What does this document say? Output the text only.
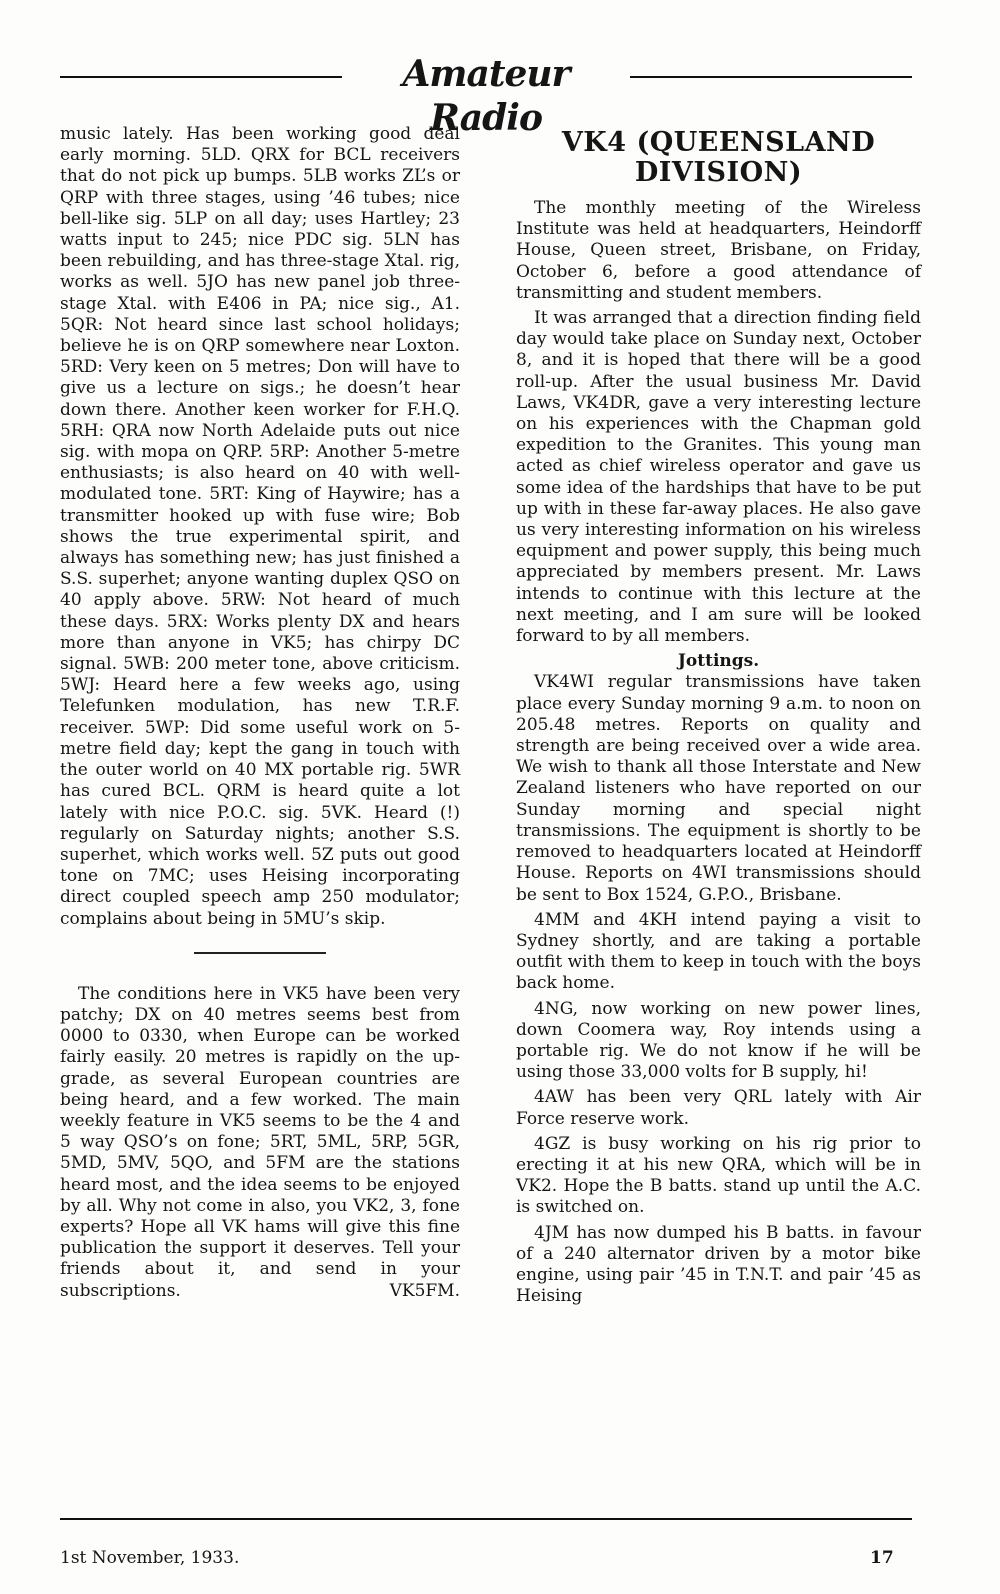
Amateur Radio

music lately. Has been working good deal early morning. 5LD. QRX for BCL receivers that do not pick up bumps. 5LB works ZL’s or QRP with three stages, using ’46 tubes; nice bell-like sig. 5LP on all day; uses Hartley; 23 watts input to 245; nice PDC sig. 5LN has been rebuilding, and has three-stage Xtal. rig, works as well. 5JO has new panel job three-stage Xtal. with E406 in PA; nice sig., A1. 5QR: Not heard since last school holidays; believe he is on QRP somewhere near Loxton. 5RD: Very keen on 5 metres; Don will have to give us a lecture on sigs.; he doesn’t hear down there. Another keen worker for F.H.Q. 5RH: QRA now North Adelaide puts out nice sig. with mopa on QRP. 5RP: Another 5-metre enthusiasts; is also heard on 40 with well-modulated tone. 5RT: King of Haywire; has a transmitter hooked up with fuse wire; Bob shows the true experimental spirit, and always has something new; has just finished a S.S. superhet; anyone wanting duplex QSO on 40 apply above. 5RW: Not heard of much these days. 5RX: Works plenty DX and hears more than anyone in VK5; has chirpy DC signal. 5WB: 200 meter tone, above criticism. 5WJ: Heard here a few weeks ago, using Telefunken modulation, has new T.R.F. receiver. 5WP: Did some useful work on 5-metre field day; kept the gang in touch with the outer world on 40 MX portable rig. 5WR has cured BCL. QRM is heard quite a lot lately with nice P.O.C. sig. 5VK. Heard (!) regularly on Saturday nights; another S.S. superhet, which works well. 5Z puts out good tone on 7MC; uses Heising incorporating direct coupled speech amp 250 modulator; complains about being in 5MU’s skip.

The conditions here in VK5 have been very patchy; DX on 40 metres seems best from 0000 to 0330, when Europe can be worked fairly easily. 20 metres is rapidly on the up-grade, as several European countries are being heard, and a few worked. The main weekly feature in VK5 seems to be the 4 and 5 way QSO’s on fone; 5RT, 5ML, 5RP, 5GR, 5MD, 5MV, 5QO, and 5FM are the stations heard most, and the idea seems to be enjoyed by all. Why not come in also, you VK2, 3, fone experts? Hope all VK hams will give this fine publication the support it deserves. Tell your friends about it, and send in your subscriptions.	VK5FM.

VK4 (QUEENSLAND DIVISION)

The monthly meeting of the Wireless Institute was held at headquarters, Heindorff House, Queen street, Brisbane, on Friday, October 6, before a good attendance of transmitting and student members.

It was arranged that a direction finding field day would take place on Sunday next, October 8, and it is hoped that there will be a good roll-up. After the usual business Mr. David Laws, VK4DR, gave a very interesting lecture on his experiences with the Chapman gold expedition to the Granites. This young man acted as chief wireless operator and gave us some idea of the hardships that have to be put up with in these far-away places. He also gave us very interesting information on his wireless equipment and power supply, this being much appreciated by members present. Mr. Laws intends to continue with this lecture at the next meeting, and I am sure will be looked forward to by all members.

Jottings.

VK4WI regular transmissions have taken place every Sunday morning 9 a.m. to noon on 205.48 metres. Reports on quality and strength are being received over a wide area. We wish to thank all those Interstate and New Zealand listeners who have reported on our Sunday morning and special night transmissions. The equipment is shortly to be removed to headquarters located at Heindorff House. Reports on 4WI transmissions should be sent to Box 1524, G.P.O., Brisbane.

4MM and 4KH intend paying a visit to Sydney shortly, and are taking a portable outfit with them to keep in touch with the boys back home.

4NG, now working on new power lines, down Coomera way, Roy intends using a portable rig. We do not know if he will be using those 33,000 volts for B supply, hi!

4AW has been very QRL lately with Air Force reserve work.

4GZ is busy working on his rig prior to erecting it at his new QRA, which will be in VK2. Hope the B batts. stand up until the A.C. is switched on.

4JM has now dumped his B batts. in favour of a 240 alternator driven by a motor bike engine, using pair ’45 in T.N.T. and pair ’45 as Heising

1st November, 1933.	17
